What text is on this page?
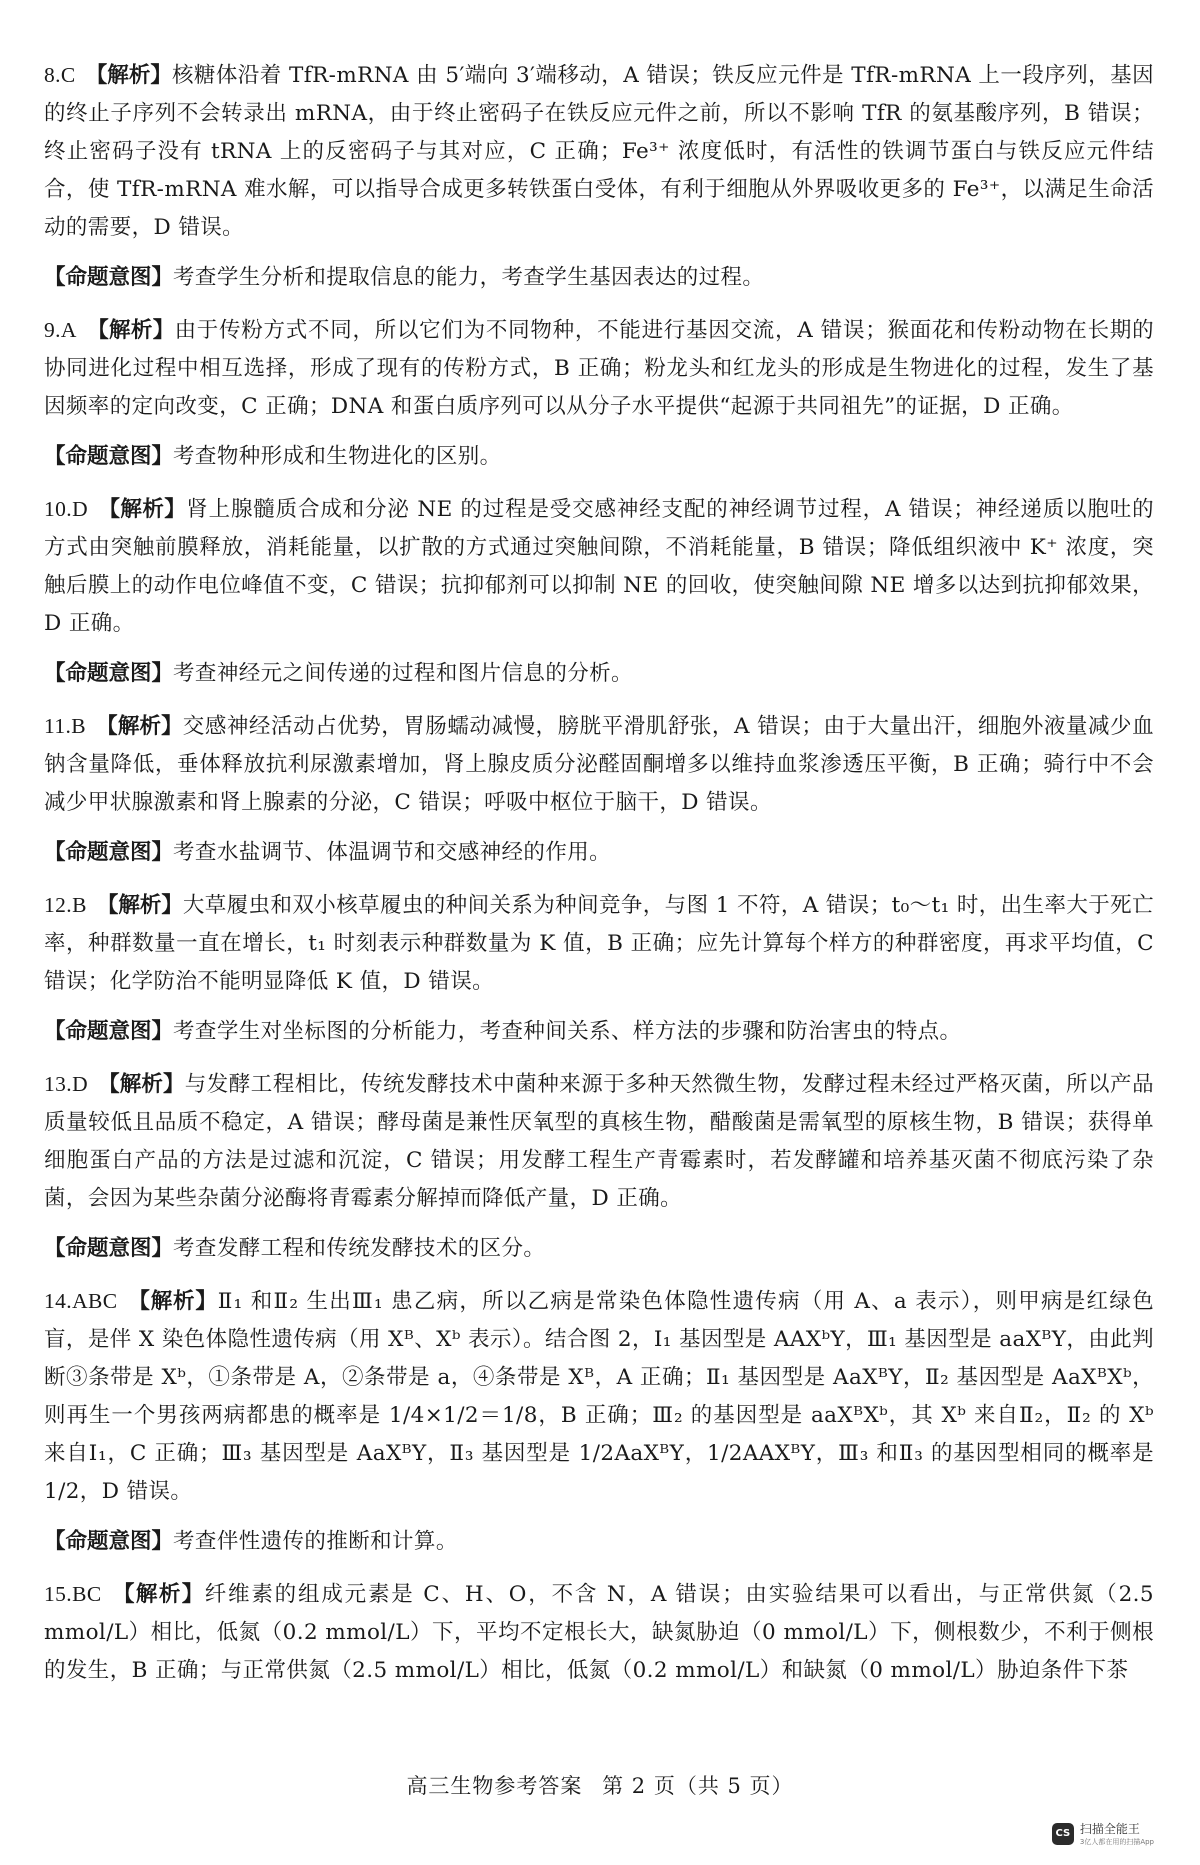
8.C 【解析】核糖体沿着 TfR-mRNA 由 5′端向 3′端移动，A 错误；铁反应元件是 TfR-mRNA 上一段序列，基因的终止子序列不会转录出 mRNA，由于终止密码子在铁反应元件之前，所以不影响 TfR 的氨基酸序列，B 错误；终止密码子没有 tRNA 上的反密码子与其对应，C 正确；Fe³⁺ 浓度低时，有活性的铁调节蛋白与铁反应元件结合，使 TfR-mRNA 难水解，可以指导合成更多转铁蛋白受体，有利于细胞从外界吸收更多的 Fe³⁺，以满足生命活动的需要，D 错误。

【命题意图】考查学生分析和提取信息的能力，考查学生基因表达的过程。

9.A 【解析】由于传粉方式不同，所以它们为不同物种，不能进行基因交流，A 错误；猴面花和传粉动物在长期的协同进化过程中相互选择，形成了现有的传粉方式，B 正确；粉龙头和红龙头的形成是生物进化的过程，发生了基因频率的定向改变，C 正确；DNA 和蛋白质序列可以从分子水平提供“起源于共同祖先”的证据，D 正确。

【命题意图】考查物种形成和生物进化的区别。

10.D 【解析】肾上腺髓质合成和分泌 NE 的过程是受交感神经支配的神经调节过程，A 错误；神经递质以胞吐的方式由突触前膜释放，消耗能量，以扩散的方式通过突触间隙，不消耗能量，B 错误；降低组织液中 K⁺ 浓度，突触后膜上的动作电位峰值不变，C 错误；抗抑郁剂可以抑制 NE 的回收，使突触间隙 NE 增多以达到抗抑郁效果，D 正确。

【命题意图】考查神经元之间传递的过程和图片信息的分析。

11.B 【解析】交感神经活动占优势，胃肠蠕动减慢，膀胱平滑肌舒张，A 错误；由于大量出汗，细胞外液量减少血钠含量降低，垂体释放抗利尿激素增加，肾上腺皮质分泌醛固酮增多以维持血浆渗透压平衡，B 正确；骑行中不会减少甲状腺激素和肾上腺素的分泌，C 错误；呼吸中枢位于脑干，D 错误。

【命题意图】考查水盐调节、体温调节和交感神经的作用。

12.B 【解析】大草履虫和双小核草履虫的种间关系为种间竞争，与图 1 不符，A 错误；t₀～t₁ 时，出生率大于死亡率，种群数量一直在增长，t₁ 时刻表示种群数量为 K 值，B 正确；应先计算每个样方的种群密度，再求平均值，C 错误；化学防治不能明显降低 K 值，D 错误。

【命题意图】考查学生对坐标图的分析能力，考查种间关系、样方法的步骤和防治害虫的特点。

13.D 【解析】与发酵工程相比，传统发酵技术中菌种来源于多种天然微生物，发酵过程未经过严格灭菌，所以产品质量较低且品质不稳定，A 错误；酵母菌是兼性厌氧型的真核生物，醋酸菌是需氧型的原核生物，B 错误；获得单细胞蛋白产品的方法是过滤和沉淀，C 错误；用发酵工程生产青霉素时，若发酵罐和培养基灭菌不彻底污染了杂菌，会因为某些杂菌分泌酶将青霉素分解掉而降低产量，D 正确。

【命题意图】考查发酵工程和传统发酵技术的区分。

14.ABC 【解析】Ⅱ₁ 和Ⅱ₂ 生出Ⅲ₁ 患乙病，所以乙病是常染色体隐性遗传病（用 A、a 表示），则甲病是红绿色盲，是伴 X 染色体隐性遗传病（用 Xᴮ、Xᵇ 表示）。结合图 2，Ⅰ₁ 基因型是 AAXᵇY，Ⅲ₁ 基因型是 aaXᴮY，由此判断③条带是 Xᵇ，①条带是 A，②条带是 a，④条带是 Xᴮ，A 正确；Ⅱ₁ 基因型是 AaXᴮY，Ⅱ₂ 基因型是 AaXᴮXᵇ，则再生一个男孩两病都患的概率是 1/4×1/2＝1/8，B 正确；Ⅲ₂ 的基因型是 aaXᴮXᵇ，其 Xᵇ 来自Ⅱ₂，Ⅱ₂ 的 Xᵇ 来自Ⅰ₁，C 正确；Ⅲ₃ 基因型是 AaXᴮY，Ⅱ₃ 基因型是 1/2AaXᴮY，1/2AAXᴮY，Ⅲ₃ 和Ⅱ₃ 的基因型相同的概率是 1/2，D 错误。

【命题意图】考查伴性遗传的推断和计算。

15.BC 【解析】纤维素的组成元素是 C、H、O，不含 N，A 错误；由实验结果可以看出，与正常供氮（2.5 mmol/L）相比，低氮（0.2 mmol/L）下，平均不定根长大，缺氮胁迫（0 mmol/L）下，侧根数少，不利于侧根的发生，B 正确；与正常供氮（2.5 mmol/L）相比，低氮（0.2 mmol/L）和缺氮（0 mmol/L）胁迫条件下茶

高三生物参考答案 第 2 页（共 5 页）
CS 扫描全能王
3亿人都在用的扫描App
